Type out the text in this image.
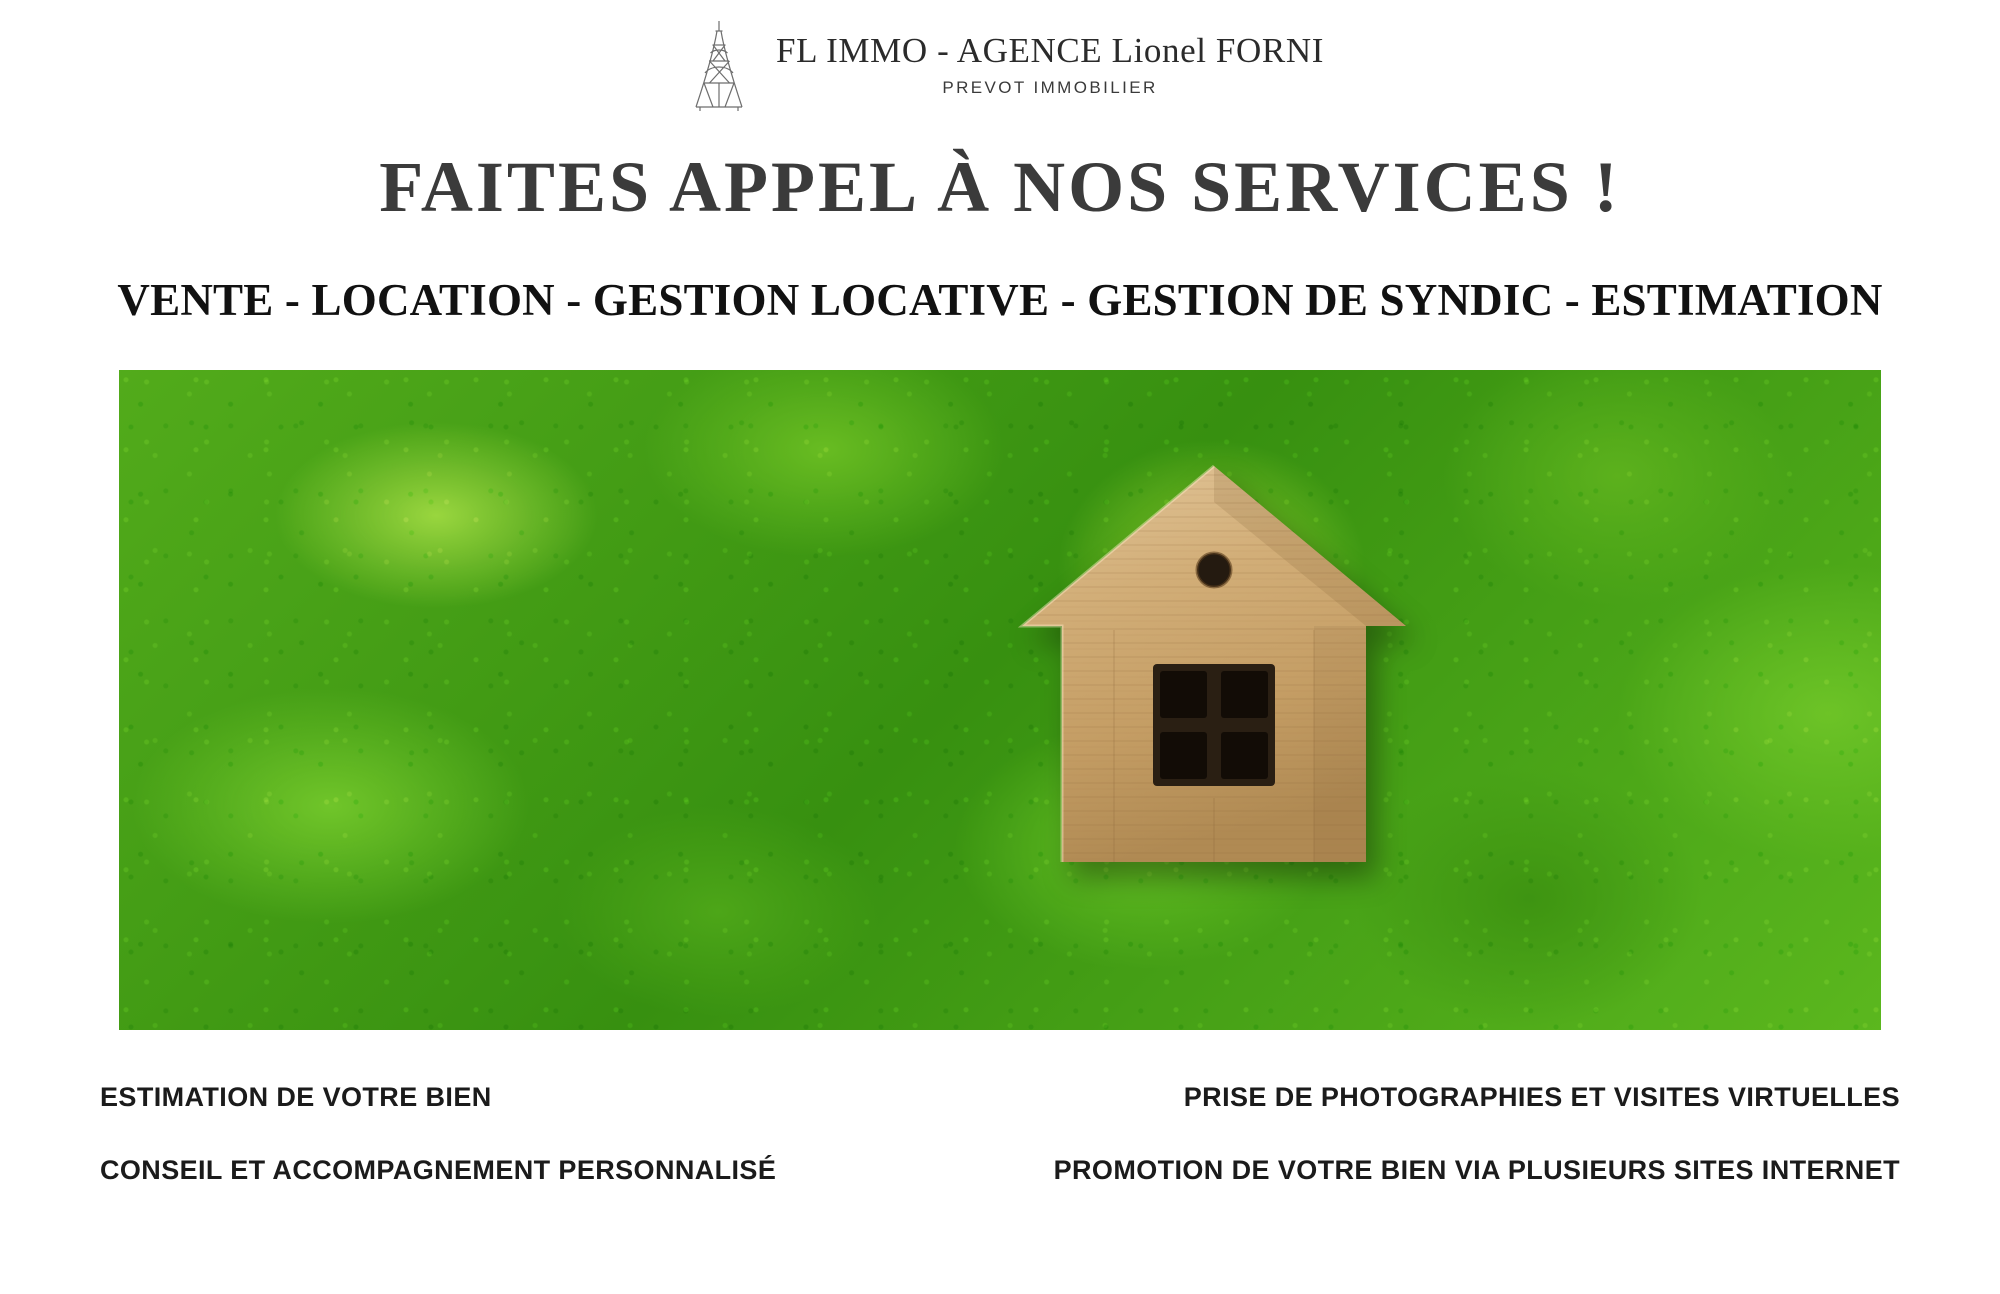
FL IMMO - AGENCE Lionel FORNI
PREVOT IMMOBILIER
FAITES APPEL À NOS SERVICES !
VENTE - LOCATION - GESTION LOCATIVE - GESTION DE SYNDIC - ESTIMATION
ESTIMATION DE VOTRE BIEN
CONSEIL ET ACCOMPAGNEMENT PERSONNALISÉ
PRISE DE PHOTOGRAPHIES ET VISITES VIRTUELLES
PROMOTION DE VOTRE BIEN VIA PLUSIEURS SITES INTERNET
